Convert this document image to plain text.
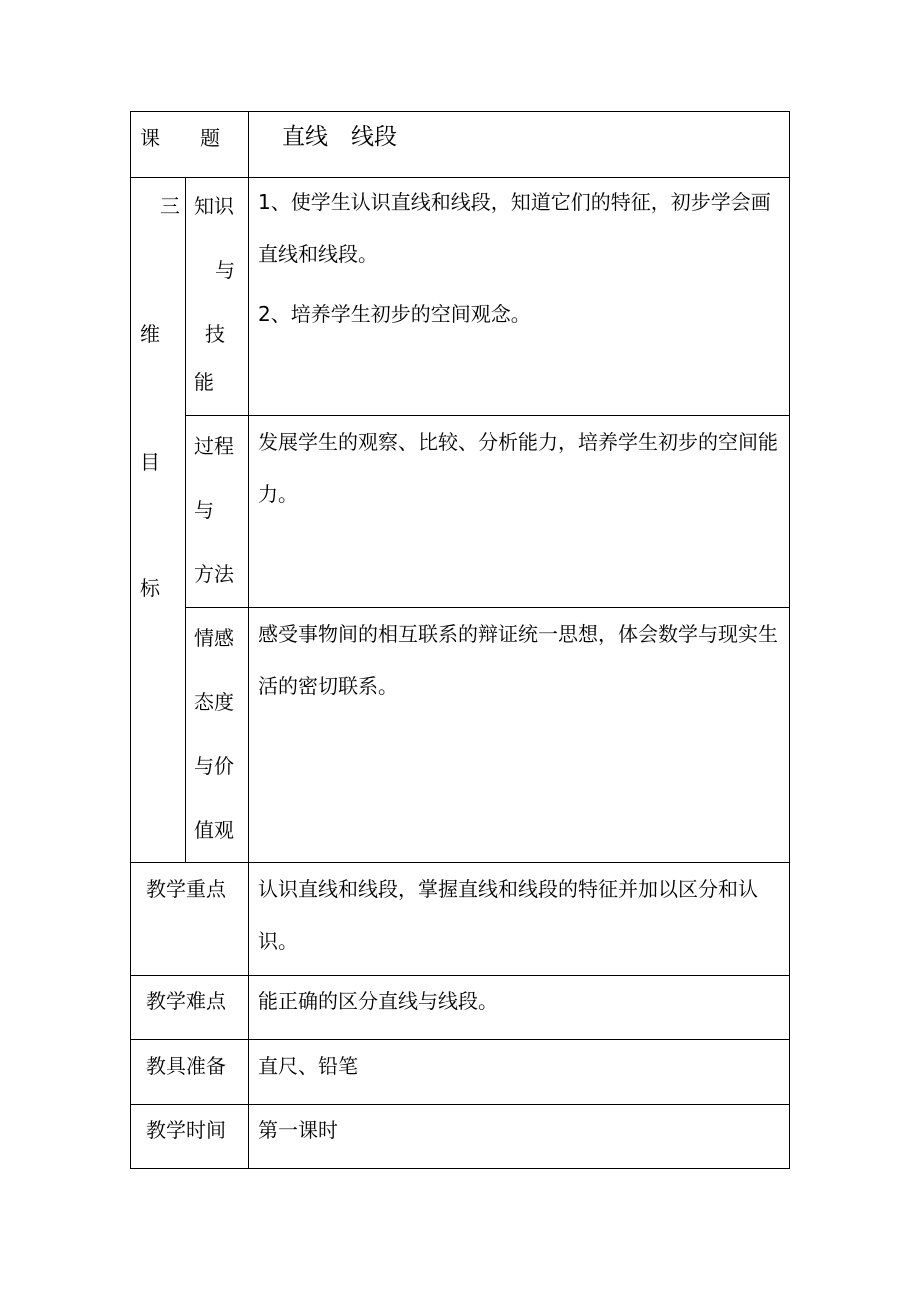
课　　题	直线　线段
三
维
目
标
知识
与
技
能
1、使学生认识直线和线段，知道它们的特征，初步学会画直线和线段。
2、培养学生初步的空间观念。
过程
与
方法
发展学生的观察、比较、分析能力，培养学生初步的空间能力。
情感
态度
与价
值观
感受事物间的相互联系的辩证统一思想，体会数学与现实生活的密切联系。
教学重点 认识直线和线段，掌握直线和线段的特征并加以区分和认识。
教学难点 能正确的区分直线与线段。
教具准备 直尺、铅笔
教学时间 第一课时
